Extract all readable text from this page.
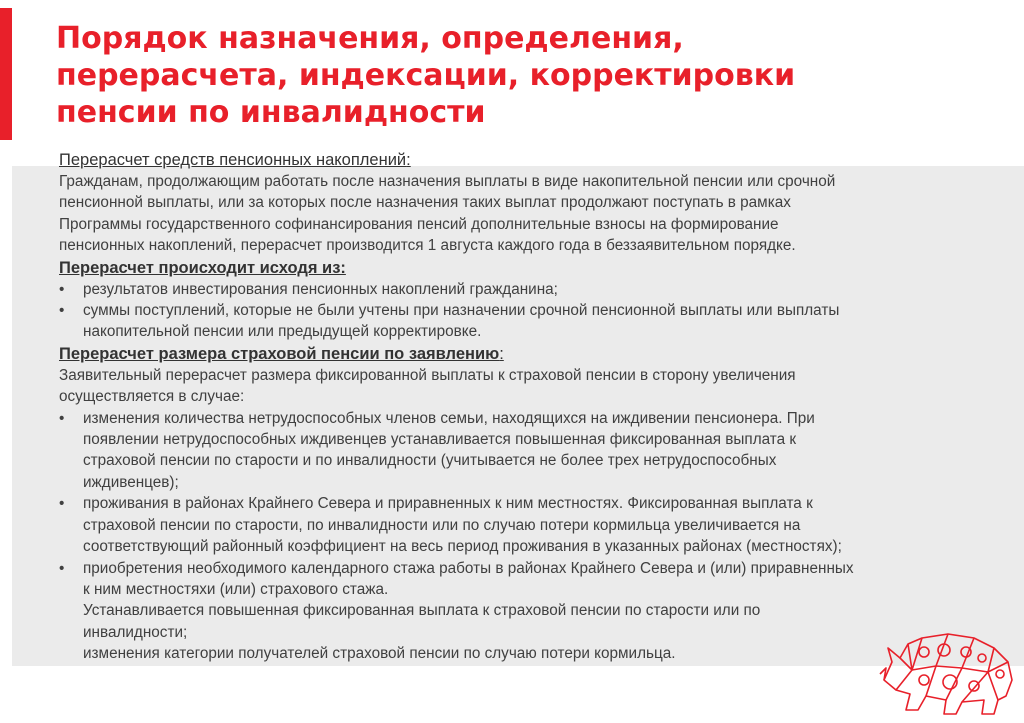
Порядок назначения, определения,
перерасчета, индексации, корректировки
пенсии по инвалидности
Перерасчет средств пенсионных накоплений:
Гражданам, продолжающим работать после назначения выплаты в виде накопительной пенсии или срочной
пенсионной выплаты, или за которых после назначения таких выплат продолжают поступать в рамках
Программы государственного софинансирования пенсий дополнительные взносы на формирование
пенсионных накоплений, перерасчет производится 1 августа каждого года в беззаявительном порядке.
Перерасчет происходит исходя из:
• результатов инвестирования пенсионных накоплений гражданина;
• суммы поступлений, которые не были учтены при назначении срочной пенсионной выплаты или выплаты
накопительной пенсии или предыдущей корректировке.
Перерасчет размера страховой пенсии по заявлению:
Заявительный перерасчет размера фиксированной выплаты к страховой пенсии в сторону увеличения
осуществляется в случае:
• изменения количества нетрудоспособных членов семьи, находящихся на иждивении пенсионера. При
появлении нетрудоспособных иждивенцев устанавливается повышенная фиксированная выплата к
страховой пенсии по старости и по инвалидности (учитывается не более трех нетрудоспособных
иждивенцев);
• проживания в районах Крайнего Севера и приравненных к ним местностях. Фиксированная выплата к
страховой пенсии по старости, по инвалидности или по случаю потери кормильца увеличивается на
соответствующий районный коэффициент на весь период проживания в указанных районах (местностях);
• приобретения необходимого календарного стажа работы в районах Крайнего Севера и (или) приравненных
к ним местностяхи (или) страхового стажа.
Устанавливается повышенная фиксированная выплата к страховой пенсии по старости или по
инвалидности;
изменения категории получателей страховой пенсии по случаю потери кормильца.
